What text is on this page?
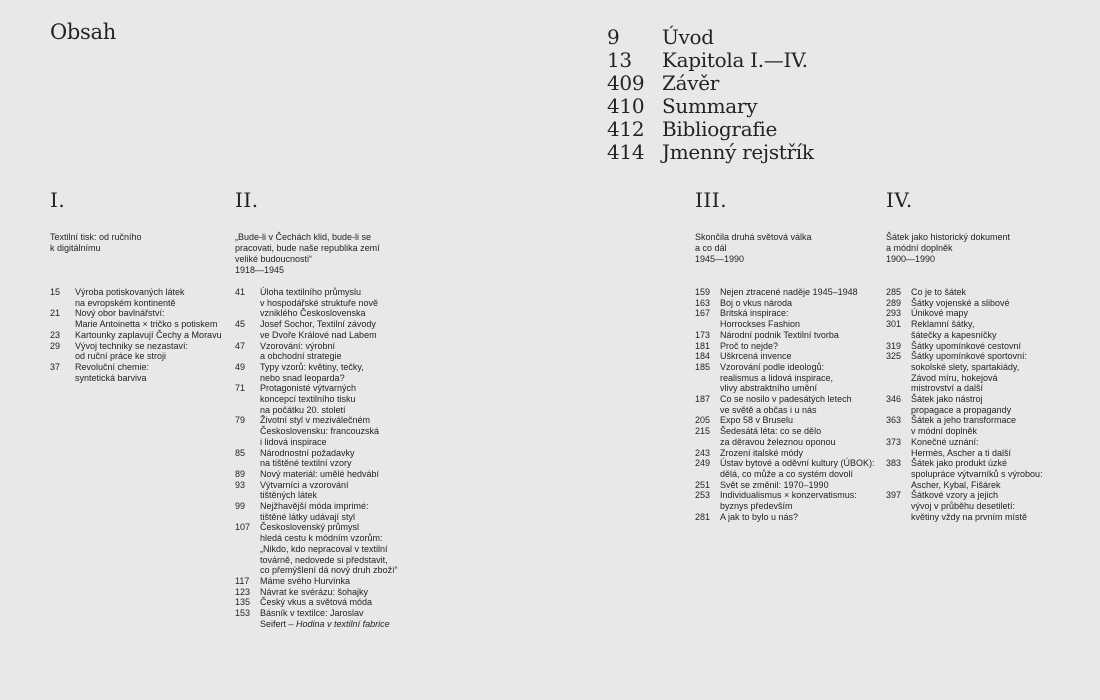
Obsah	9	Úvod
13	Kapitola I.—IV.
409 Závěr
410 Summary
412 Bibliografie
414 Jmenný rejstřík
I.
Textilní tisk: od ručního
k digitálnímu
15	Výroba potiskovaných látek
na evropském kontinentě
21	Nový obor bavlnářství:
Marie Antoinetta × tričko s potiskem
23	Kartounky zaplavují Čechy a Moravu
29	Vývoj techniky se nezastaví:
od ruční práce ke stroji
37	Revoluční chemie:
syntetická barviva
II.
„Bude-li v Čechách klid, bude-li se
pracovati, bude naše republika zemí
veliké budoucnosti“
1918—1945
41	Úloha textilního průmyslu
v hospodářské struktuře nově
vzniklého Československa
45	Josef Sochor, Textilní závody
ve Dvoře Králové nad Labem
47	Vzorování: výrobní
a obchodní strategie
49	Typy vzorů: květiny, tečky,
nebo snad leoparda?
71	Protagonisté výtvarných
koncepcí textilního tisku
na počátku 20. století
79	Životní styl v meziválečném
Československu: francouzská
i lidová inspirace
85	Národnostní požadavky
na tištěné textilní vzory
89	Nový materiál: umělé hedvábí
93	Výtvarníci a vzorování
tištěných látek
99	Nejžhavější móda imprimé:
tištěné látky udávají styl
107	Československý průmysl
hledá cestu k módním vzorům:
„Nikdo, kdo nepracoval v textilní
továrně, nedovede si představit,
co přemýšlení dá nový druh zboží“
117	Máme svého Hurvínka
123	Návrat ke svérázu: šohajky
135	Český vkus a světová móda
153	Básník v textilce: Jaroslav
Seifert – Hodina v textilní fabrice
III.
Skončila druhá světová válka
a co dál
1945—1990
159	Nejen ztracené naděje 1945–1948
163	Boj o vkus národa
167	Britská inspirace:
Horrockses Fashion
173	Národní podnik Textilní tvorba
181	Proč to nejde?
184	Uškrcená invence
185	Vzorování podle ideologů:
realismus a lidová inspirace,
vlivy abstraktního umění
187	Co se nosilo v padesátých letech
ve světě a občas i u nás
205	Expo 58 v Bruselu
215	Šedesátá léta: co se dělo
za děravou železnou oponou
243	Zrození italské módy
249	Ústav bytové a oděvní kultury (ÚBOK):
dělá, co může a co systém dovolí
251	Svět se změnil: 1970–1990
253	Individualismus × konzervatismus:
byznys především
281	A jak to bylo u nás?
IV.
Šátek jako historický dokument
a módní doplněk
1900—1990
285	Co je to šátek
289	Šátky vojenské a slibové
293	Únikové mapy
301	Reklamní šátky,
šátečky a kapesníčky
319	Šátky upomínkové cestovní
325	Šátky upomínkové sportovní:
sokolské slety, spartakiády,
Závod míru, hokejová
mistrovství a další
346	Šátek jako nástroj
propagace a propagandy
363	Šátek a jeho transformace
v módní doplněk
373	Konečné uznání:
Hermès, Ascher a ti další
383	Šátek jako produkt úzké
spolupráce výtvarníků s výrobou:
Ascher, Kybal, Fišárek
397	Šátkové vzory a jejich
vývoj v průběhu desetiletí:
květiny vždy na prvním místě
